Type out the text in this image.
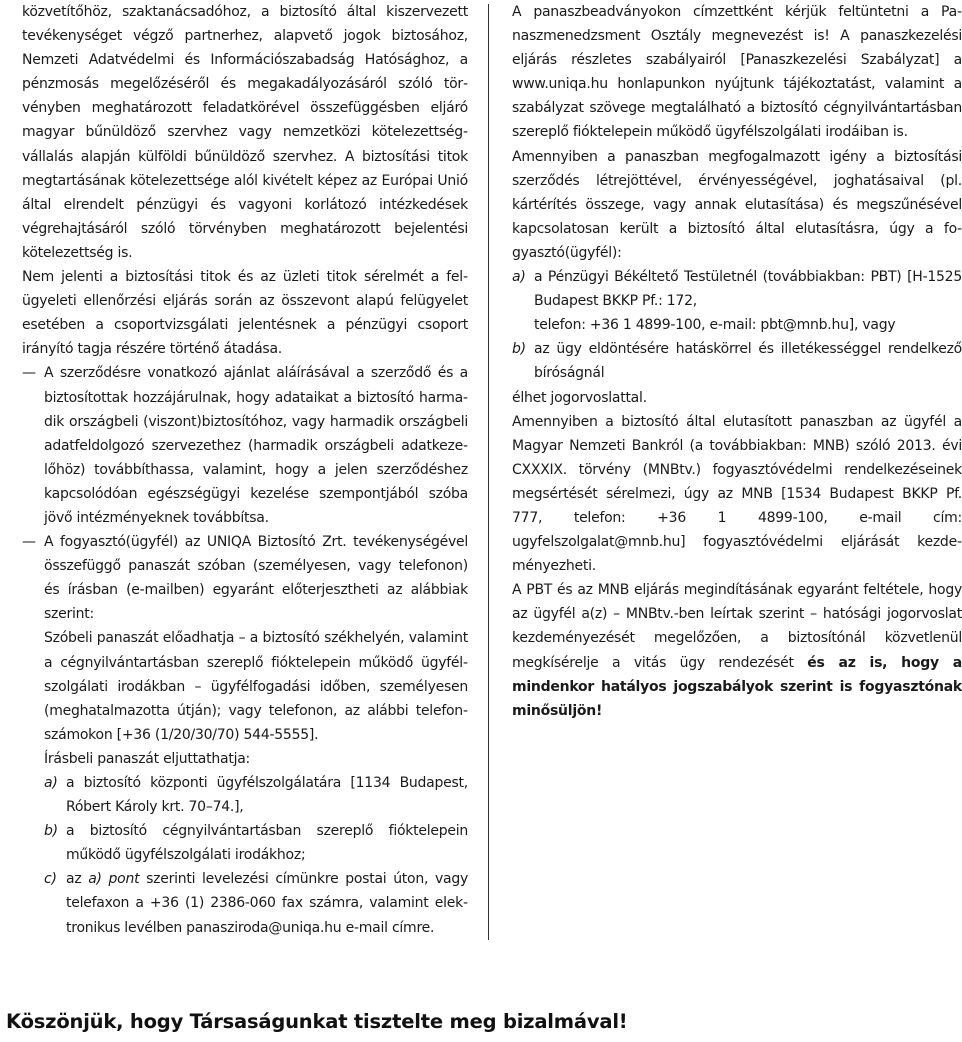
közvetítőhöz, szaktanácsadóhoz, a biztosító által kiszervezett tevékenységet végző partnerhez, alapvető jogok biztosához, Nemzeti Adatvédelmi és Információszabadság Hatósághoz, a pénzmosás megelőzéséről és megakadályozásáról szóló törvényben meghatározott feladatkörével összefüggésben eljáró magyar bűnüldöző szervhez vagy nemzetközi kötelezettségvállalás alapján külföldi bűnüldöző szervhez. A biztosítási titok megtartásának kötelezettsége alól kivételt képez az Európai Unió által elrendelt pénzügyi és vagyoni korlátozó intézkedések végrehajtásáról szóló törvényben meghatározott bejelentési kötelezettség is.

Nem jelenti a biztosítási titok és az üzleti titok sérelmét a felügyeleti ellenőrzési eljárás során az összevont alapú felügyelet esetében a csoportvizsgálati jelentésnek a pénzügyi csoport irányító tagja részére történő átadása.

— A szerződésre vonatkozó ajánlat aláírásával a szerződő és a biztosítottak hozzájárulnak, hogy adataikat a biztosító harmadik országbeli (viszont)biztosítóhoz, vagy harmadik országbeli adatfeldolgozó szervezethez (harmadik országbeli adatkezelőhöz) továbbíthassa, valamint, hogy a jelen szerződéshez kapcsolódóan egészségügyi kezelése szempontjából szóba jövő intézményeknek továbbítsa.

— A fogyasztó(ügyfél) az UNIQA Biztosító Zrt. tevékenységével összefüggő panaszát szóban (személyesen, vagy telefonon) és írásban (e-mailben) egyaránt előterjesztheti az alábbiak szerint:

Szóbeli panaszát előadhatja – a biztosító székhelyén, valamint a cégnyilvántartásban szereplő fióktelepein működő ügyfélszolgálati irodákban – ügyfélfogadási időben, személyesen (meghatalmazotta útján); vagy telefonon, az alábbi telefonszámokon [+36 (1/20/30/70) 544-5555].

Írásbeli panaszát eljuttathatja:

a) a biztosító központi ügyfélszolgálatára [1134 Budapest, Róbert Károly krt. 70–74.],

b) a biztosító cégnyilvántartásban szereplő fióktelepein működő ügyfélszolgálati irodákhoz;

c) az a) pont szerinti levelezési címünkre postai úton, vagy telefaxon a +36 (1) 2386-060 fax számra, valamint elektronikus levélben panasziroda@uniqa.hu e-mail címre.

A panaszbeadványokon címzettként kérjük feltüntetni a Panaszmenedzsment Osztály megnevezést is! A panaszkezelési eljárás részletes szabályairól [Panaszkezelési Szabályzat] a www.uniqa.hu honlapunkon nyújtunk tájékoztatást, valamint a szabályzat szövege megtalálható a biztosító cégnyilvántartásban szereplő fióktelepein működő ügyfélszolgálati irodáiban is.

Amennyiben a panaszban megfogalmazott igény a biztosítási szerződés létrejöttével, érvényességével, joghatásaival (pl. kártérítés összege, vagy annak elutasítása) és megszűnésével kapcsolatosan került a biztosító által elutasításra, úgy a fogyasztó(ügyfél):

a) a Pénzügyi Békéltető Testületnél (továbbiakban: PBT) [H-1525 Budapest BKKP Pf.: 172,

telefon: +36 1 4899-100, e-mail: pbt@mnb.hu], vagy

b) az ügy eldöntésére hatáskörrel és illetékességgel rendelkező bíróságnál

élhet jogorvoslattal.

Amennyiben a biztosító által elutasított panaszban az ügyfél a Magyar Nemzeti Bankról (a továbbiakban: MNB) szóló 2013. évi CXXXIX. törvény (MNBtv.) fogyasztóvédelmi rendelkezéseinek megsértését sérelmezi, úgy az MNB [1534 Budapest BKKP Pf. 777, telefon: +36 1 4899-100, e-mail cím: ugyfelszolgalat@mnb.hu] fogyasztóvédelmi eljárását kezdeményezheti.

A PBT és az MNB eljárás megindításának egyaránt feltétele, hogy az ügyfél a(z) – MNBtv.-ben leírtak szerint – hatósági jogorvoslat kezdeményezését megelőzően, a biztosítónál közvetlenül megkísérelje a vitás ügy rendezését és az is, hogy a mindenkor hatályos jogszabályok szerint is fogyasztónak minősüljön!

Köszönjük, hogy Társaságunkat tisztelte meg bizalmával!
